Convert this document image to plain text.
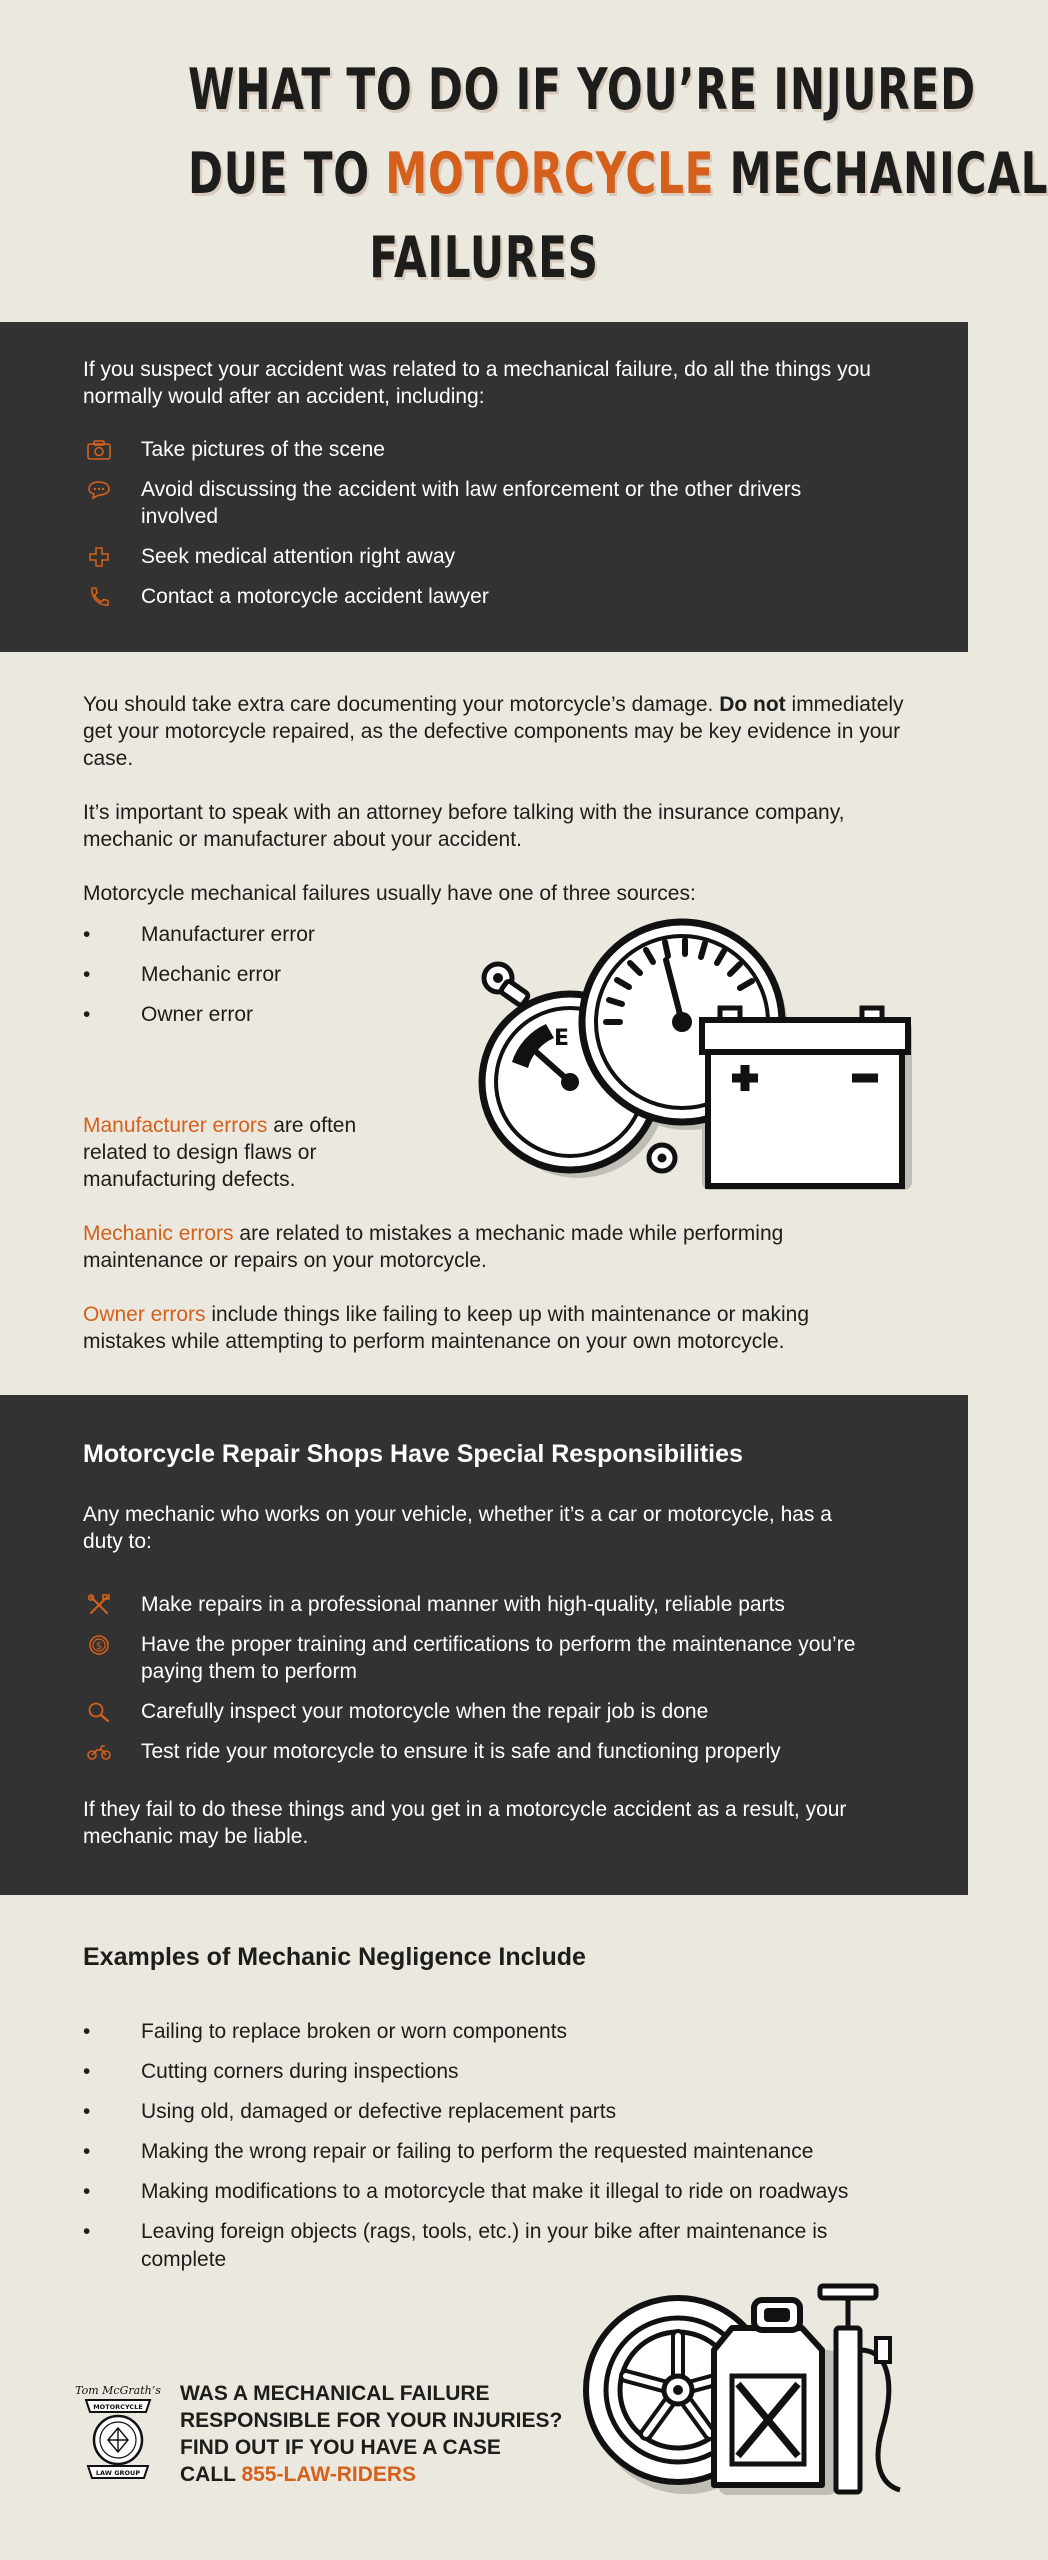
WHAT TO DO IF YOU’RE INJURED
DUE TO MOTORCYCLE MECHANICAL
FAILURES

If you suspect your accident was related to a mechanical failure, do all the things you normally would after an accident, including:

Take pictures of the scene
Avoid discussing the accident with law enforcement or the other drivers involved
Seek medical attention right away
Contact a motorcycle accident lawyer

You should take extra care documenting your motorcycle’s damage. Do not immediately get your motorcycle repaired, as the defective components may be key evidence in your case.

It’s important to speak with an attorney before talking with the insurance company, mechanic or manufacturer about your accident.

Motorcycle mechanical failures usually have one of three sources:

• Manufacturer error
• Mechanic error
• Owner error
E

Manufacturer errors are often related to design flaws or manufacturing defects.

Mechanic errors are related to mistakes a mechanic made while performing maintenance or repairs on your motorcycle.

Owner errors include things like failing to keep up with maintenance or making mistakes while attempting to perform maintenance on your own motorcycle.

Motorcycle Repair Shops Have Special Responsibilities

Any mechanic who works on your vehicle, whether it’s a car or motorcycle, has a duty to:

Make repairs in a professional manner with high-quality, reliable parts
$ Have the proper training and certifications to perform the maintenance you’re paying them to perform
Carefully inspect your motorcycle when the repair job is done
Test ride your motorcycle to ensure it is safe and functioning properly

If they fail to do these things and you get in a motorcycle accident as a result, your mechanic may be liable.

Examples of Mechanic Negligence Include
• Failing to replace broken or worn components
• Cutting corners during inspections
• Using old, damaged or defective replacement parts
• Making the wrong repair or failing to perform the requested maintenance
• Making modifications to a motorcycle that make it illegal to ride on roadways
• Leaving foreign objects (rags, tools, etc.) in your bike after maintenance is complete
Tom McGrath’s
MOTORCYCLE
LAW GROUP
WAS A MECHANICAL FAILURE
RESPONSIBLE FOR YOUR INJURIES?
FIND OUT IF YOU HAVE A CASE
CALL 855-LAW-RIDERS
